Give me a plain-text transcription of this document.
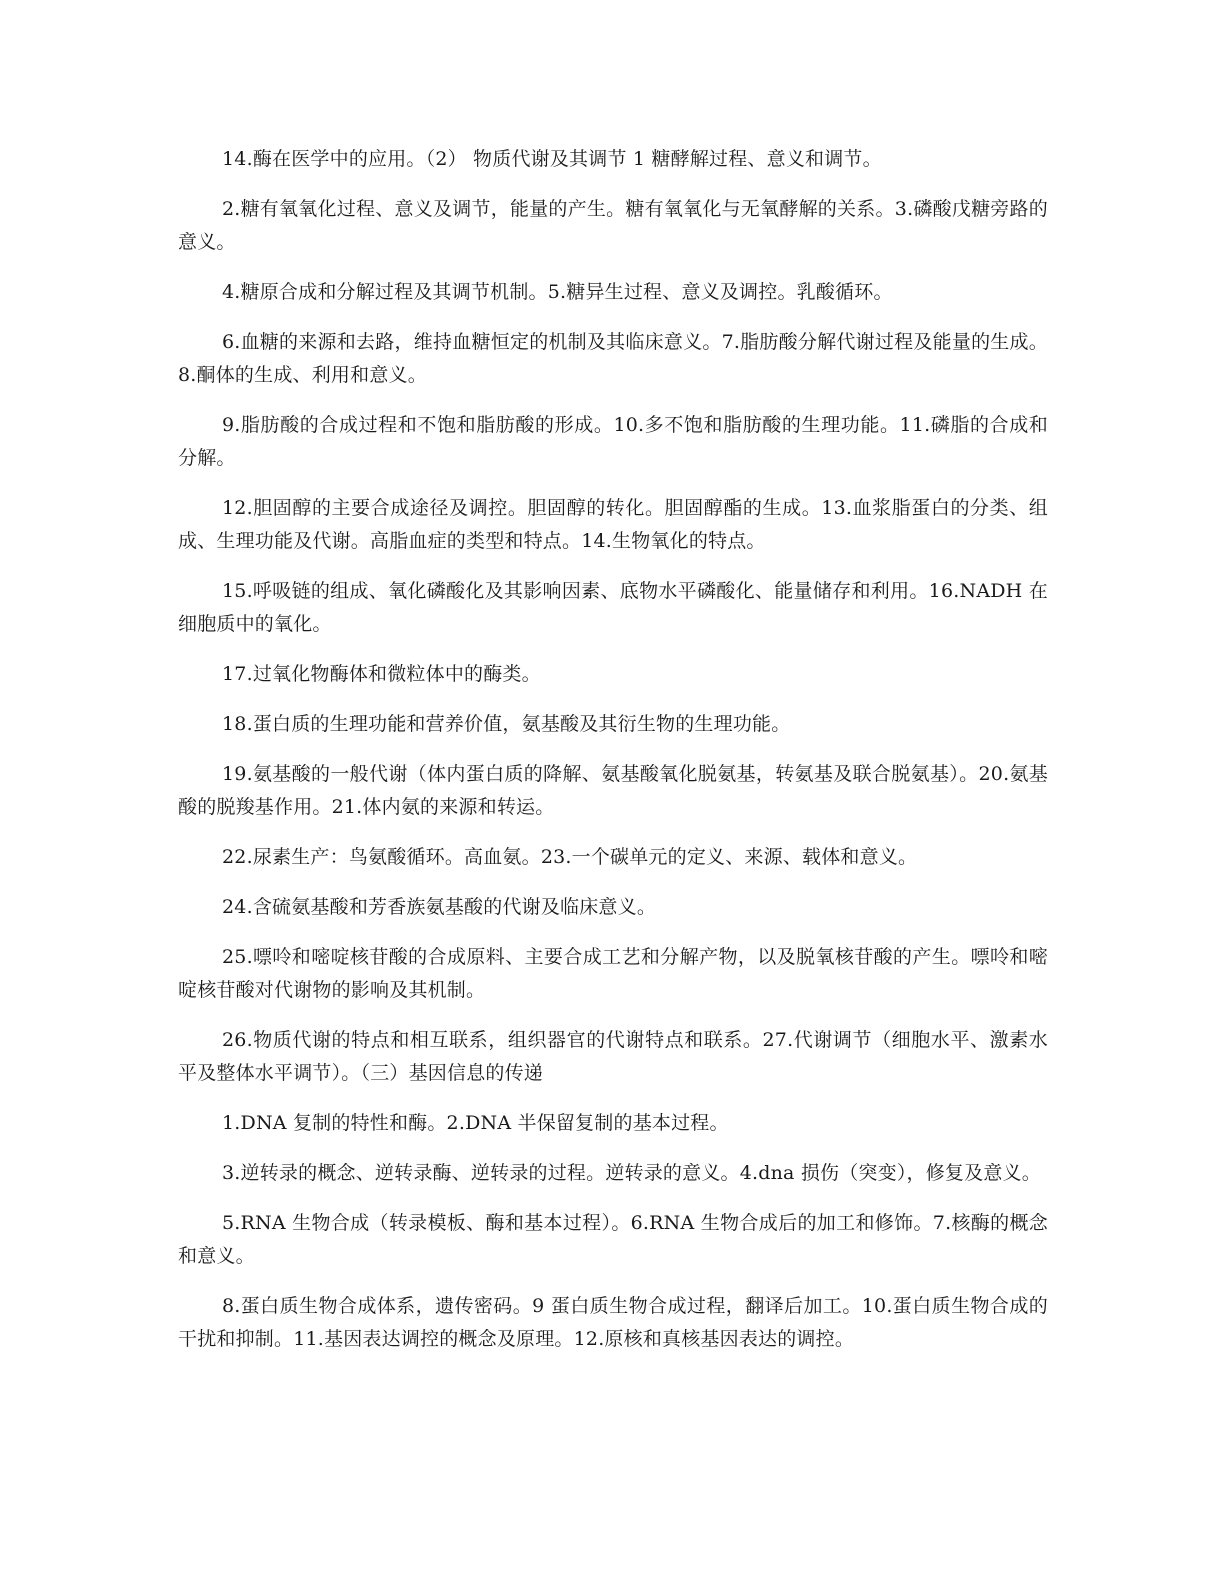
14.酶在医学中的应用。（2） 物质代谢及其调节 1 糖酵解过程、意义和调节。

2.糖有氧氧化过程、意义及调节，能量的产生。糖有氧氧化与无氧酵解的关系。3.磷酸戊糖旁路的意义。

4.糖原合成和分解过程及其调节机制。5.糖异生过程、意义及调控。乳酸循环。

6.血糖的来源和去路，维持血糖恒定的机制及其临床意义。7.脂肪酸分解代谢过程及能量的生成。8.酮体的生成、利用和意义。

9.脂肪酸的合成过程和不饱和脂肪酸的形成。10.多不饱和脂肪酸的生理功能。11.磷脂的合成和分解。

12.胆固醇的主要合成途径及调控。胆固醇的转化。胆固醇酯的生成。13.血浆脂蛋白的分类、组成、生理功能及代谢。高脂血症的类型和特点。14.生物氧化的特点。

15.呼吸链的组成、氧化磷酸化及其影响因素、底物水平磷酸化、能量储存和利用。16.NADH 在细胞质中的氧化。

17.过氧化物酶体和微粒体中的酶类。

18.蛋白质的生理功能和营养价值，氨基酸及其衍生物的生理功能。

19.氨基酸的一般代谢（体内蛋白质的降解、氨基酸氧化脱氨基，转氨基及联合脱氨基）。20.氨基酸的脱羧基作用。21.体内氨的来源和转运。

22.尿素生产：鸟氨酸循环。高血氨。23.一个碳单元的定义、来源、载体和意义。

24.含硫氨基酸和芳香族氨基酸的代谢及临床意义。

25.嘌呤和嘧啶核苷酸的合成原料、主要合成工艺和分解产物，以及脱氧核苷酸的产生。嘌呤和嘧啶核苷酸对代谢物的影响及其机制。

26.物质代谢的特点和相互联系，组织器官的代谢特点和联系。27.代谢调节（细胞水平、激素水平及整体水平调节）。（三）基因信息的传递

1.DNA 复制的特性和酶。2.DNA 半保留复制的基本过程。

3.逆转录的概念、逆转录酶、逆转录的过程。逆转录的意义。4.dna 损伤（突变），修复及意义。

5.RNA 生物合成（转录模板、酶和基本过程）。6.RNA 生物合成后的加工和修饰。7.核酶的概念和意义。

8.蛋白质生物合成体系，遗传密码。9 蛋白质生物合成过程，翻译后加工。10.蛋白质生物合成的干扰和抑制。11.基因表达调控的概念及原理。12.原核和真核基因表达的调控。
